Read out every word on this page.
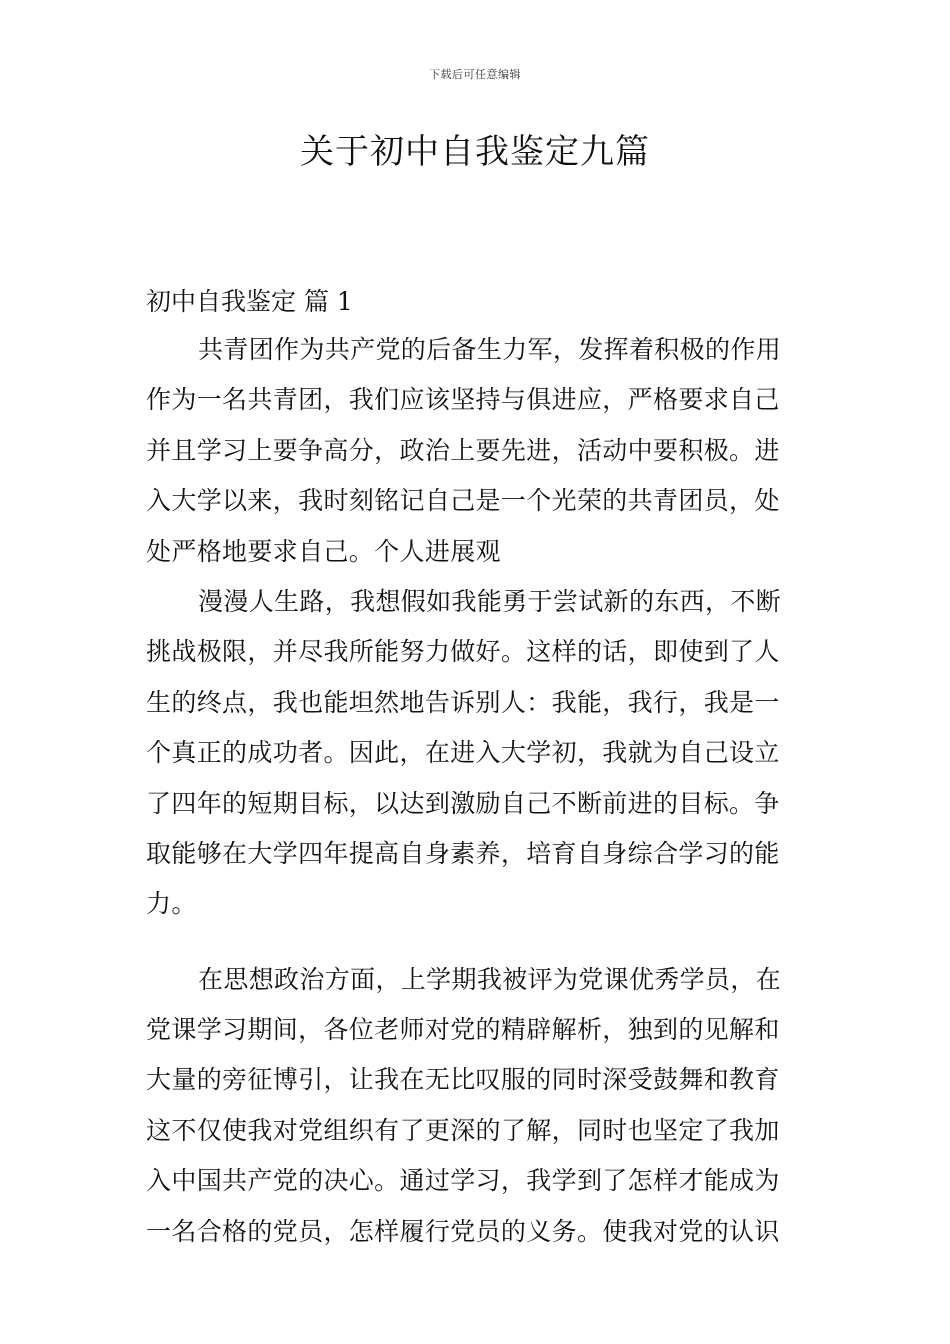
下载后可任意编辑
关于初中自我鉴定九篇
初中自我鉴定 篇 1
共青团作为共产党的后备生力军，发挥着积极的作用
作为一名共青团，我们应该坚持与俱进应，严格要求自己
并且学习上要争高分，政治上要先进，活动中要积极。进
入大学以来，我时刻铭记自己是一个光荣的共青团员，处
处严格地要求自己。个人进展观
漫漫人生路，我想假如我能勇于尝试新的东西，不断
挑战极限，并尽我所能努力做好。这样的话，即使到了人
生的终点，我也能坦然地告诉别人：我能，我行，我是一
个真正的成功者。因此，在进入大学初，我就为自己设立
了四年的短期目标，以达到激励自己不断前进的目标。争
取能够在大学四年提高自身素养，培育自身综合学习的能
力。
在思想政治方面，上学期我被评为党课优秀学员，在
党课学习期间，各位老师对党的精辟解析，独到的见解和
大量的旁征博引，让我在无比叹服的同时深受鼓舞和教育
这不仅使我对党组织有了更深的了解，同时也坚定了我加
入中国共产党的决心。通过学习，我学到了怎样才能成为
一名合格的党员，怎样履行党员的义务。使我对党的认识
